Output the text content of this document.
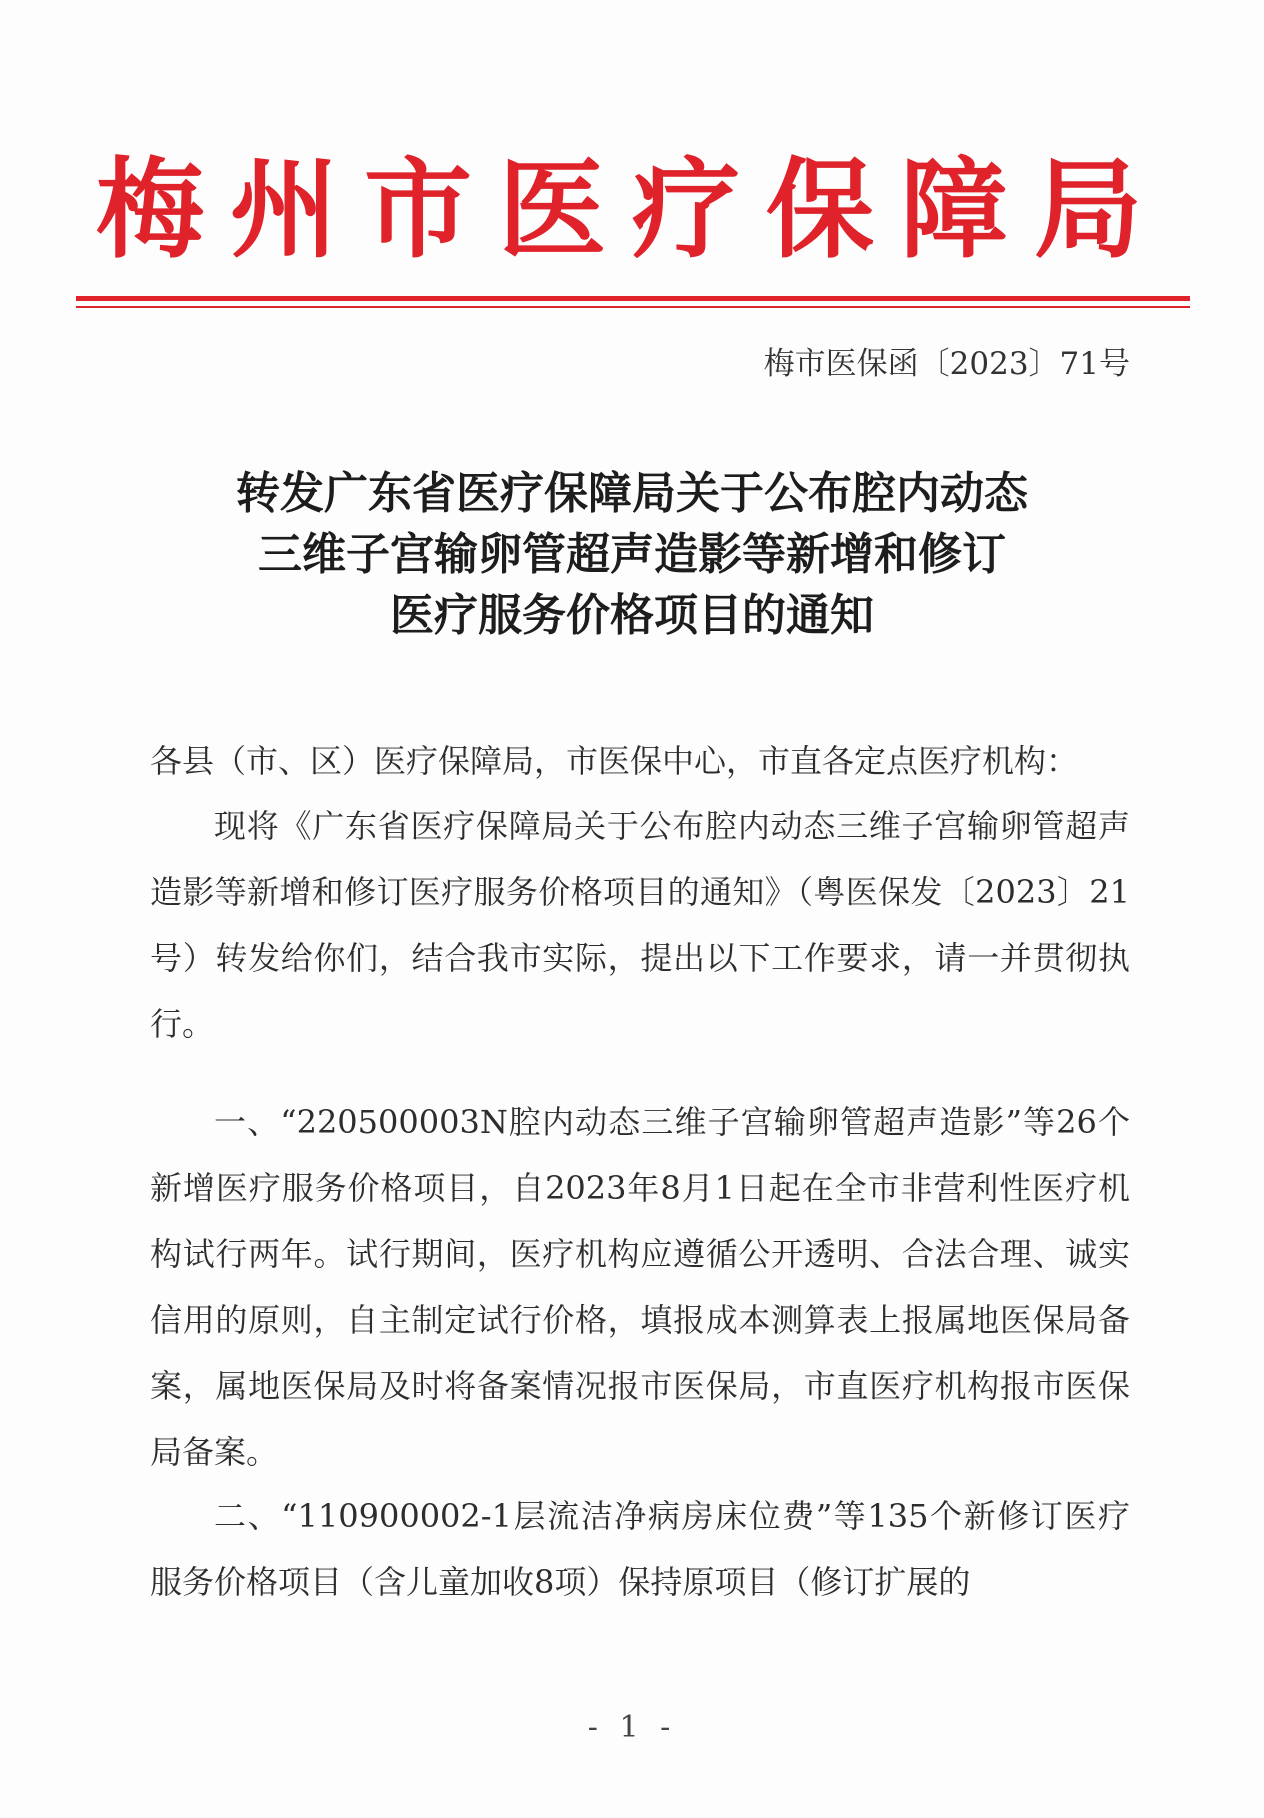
梅州市医疗保障局
梅市医保函〔2023〕71号
转发广东省医疗保障局关于公布腔内动态
三维子宫输卵管超声造影等新增和修订
医疗服务价格项目的通知
各县（市、区）医疗保障局，市医保中心，市直各定点医疗机构：
现将《广东省医疗保障局关于公布腔内动态三维子宫输卵管超声造影等新增和修订医疗服务价格项目的通知》（粤医保发〔2023〕21号）转发给你们，结合我市实际，提出以下工作要求，请一并贯彻执行。
一、“220500003N腔内动态三维子宫输卵管超声造影”等26个新增医疗服务价格项目，自2023年8月1日起在全市非营利性医疗机构试行两年。试行期间，医疗机构应遵循公开透明、合法合理、诚实信用的原则，自主制定试行价格，填报成本测算表上报属地医保局备案，属地医保局及时将备案情况报市医保局，市直医疗机构报市医保局备案。
二、“110900002-1层流洁净病房床位费”等135个新修订医疗服务价格项目（含儿童加收8项）保持原项目（修订扩展的
- 1 -
